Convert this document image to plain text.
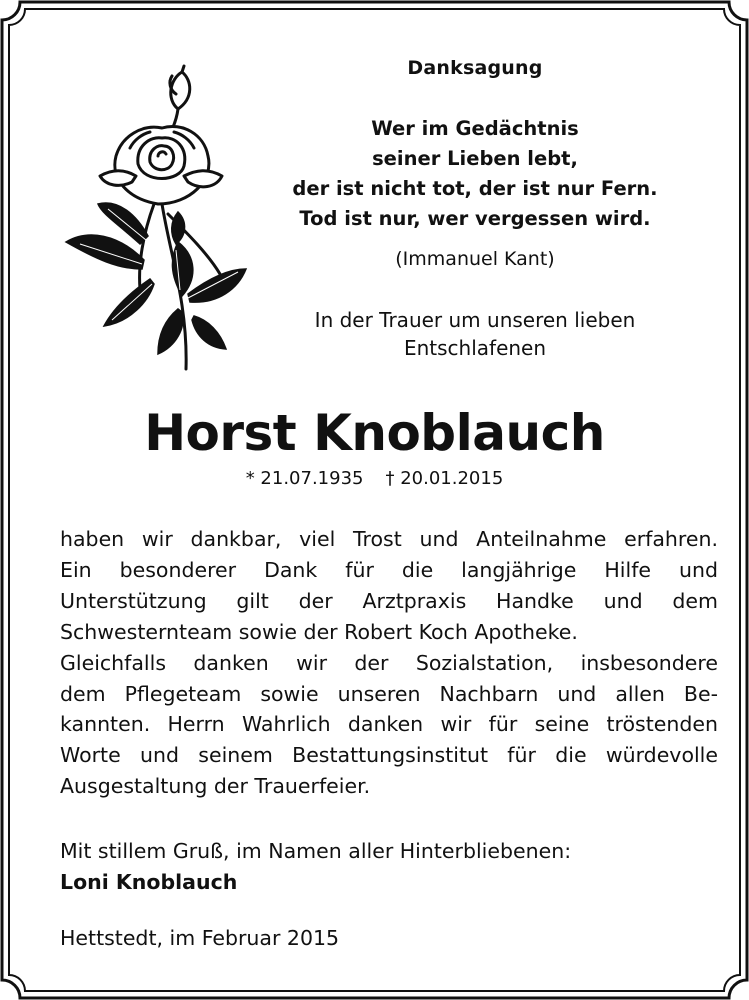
Danksagung
Wer im Gedächtnis
seiner Lieben lebt,
der ist nicht tot, der ist nur Fern.
Tod ist nur, wer vergessen wird.
(Immanuel Kant)
In der Trauer um unseren lieben
Entschlafenen
Horst Knoblauch
* 21.07.1935 † 20.01.2015
haben wir dankbar, viel Trost und Anteilnahme erfahren.
Ein besonderer Dank für die langjährige Hilfe und
Unterstützung gilt der Arztpraxis Handke und dem
Schwesternteam sowie der Robert Koch Apotheke.
Gleichfalls danken wir der Sozialstation, insbesondere
dem Pflegeteam sowie unseren Nachbarn und allen Be-
kannten. Herrn Wahrlich danken wir für seine tröstenden
Worte und seinem Bestattungsinstitut für die würdevolle
Ausgestaltung der Trauerfeier.
Mit stillem Gruß, im Namen aller Hinterbliebenen:
Loni Knoblauch
Hettstedt, im Februar 2015
